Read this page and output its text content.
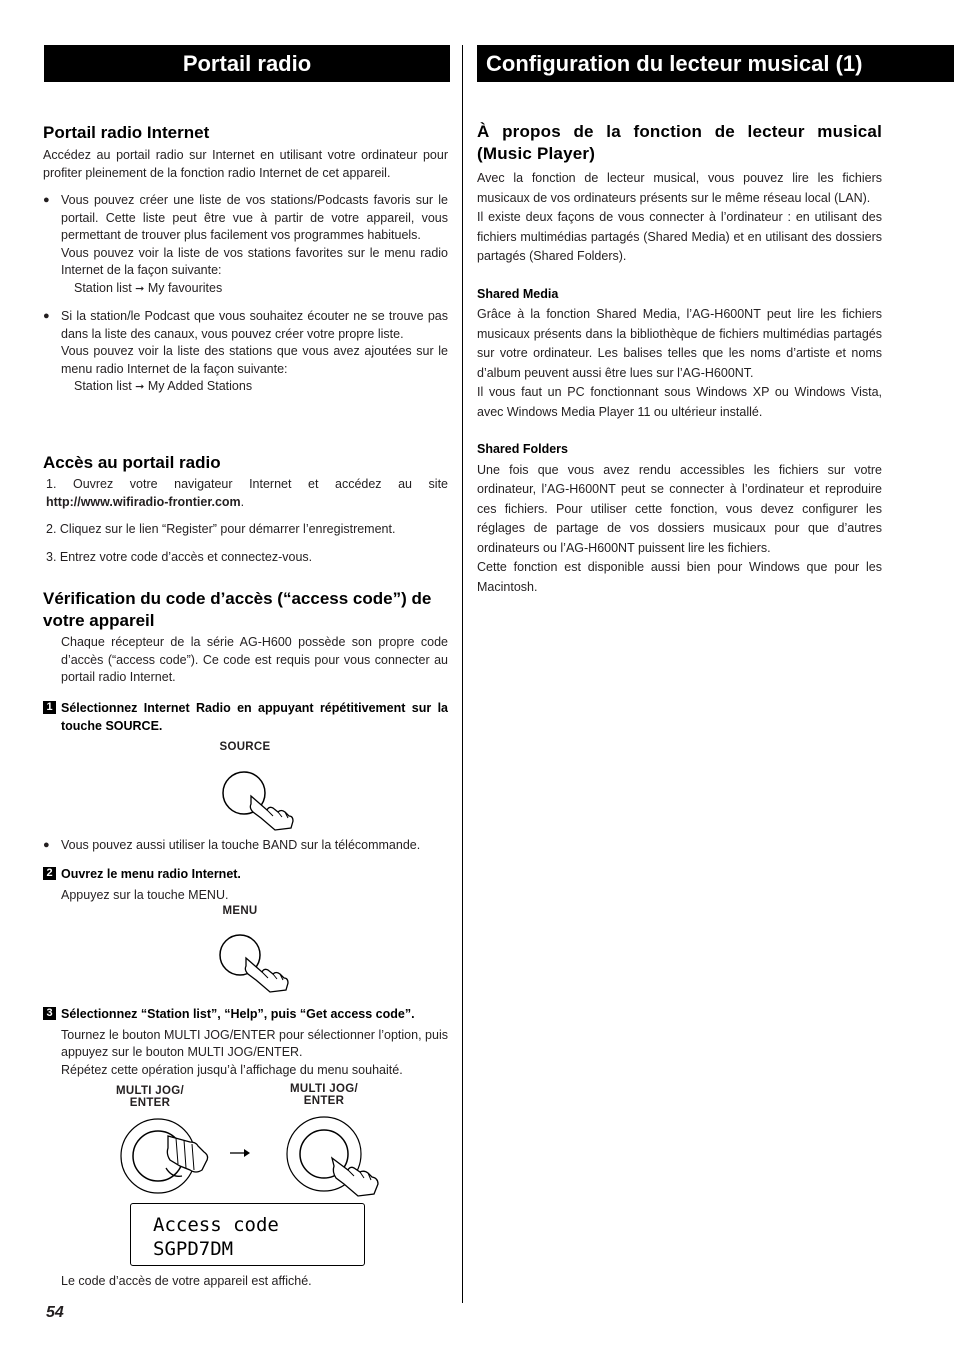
Portail radio	Configuration du lecteur musical (1)
Portail radio Internet

Accédez au portail radio sur Internet en utilisant votre ordinateur pour profiter pleinement de la fonction radio Internet de cet appareil.

● Vous pouvez créer une liste de vos stations/Podcasts favoris sur le portail. Cette liste peut être vue à partir de votre appareil, vous permettant de trouver plus facilement vos programmes habituels.

Vous pouvez voir la liste de vos stations favorites sur le menu radio Internet de la façon suivante:

Station list ➞ My favourites

● Si la station/le Podcast que vous souhaitez écouter ne se trouve pas dans la liste des canaux, vous pouvez créer votre propre liste.

Vous pouvez voir la liste des stations que vous avez ajoutées sur le menu radio Internet de la façon suivante:

Station list ➞ My Added Stations
Accès au portail radio

1. Ouvrez votre navigateur Internet et accédez au site http://www.wifiradio-frontier.com.

2. Cliquez sur le lien “Register” pour démarrer l’enregistrement.

3. Entrez votre code d’accès et connectez-vous.

Vérification du code d’accès (“access code”) de votre appareil

Chaque récepteur de la série AG-H600 possède son propre code d’accès (“access code”). Ce code est requis pour vous connecter au portail radio Internet.

1 Sélectionnez Internet Radio en appuyant répétitivement sur la touche SOURCE.

SOURCE

● Vous pouvez aussi utiliser la touche BAND sur la télécommande.

2 Ouvrez le menu radio Internet.

Appuyez sur la touche MENU.

MENU
3 Sélectionnez “Station list”, “Help”, puis “Get access code”.

Tournez le bouton MULTI JOG/ENTER pour sélectionner l’option, puis appuyez sur le bouton MULTI JOG/ENTER.

Répétez cette opération jusqu’à l’affichage du menu souhaité.

MULTI JOG/
ENTER
MULTI JOG/
ENTER
Access code
SGPD7DM

Le code d’accès de votre appareil est affiché.

54
À propos de la fonction de lecteur musical (Music Player)

Avec la fonction de lecteur musical, vous pouvez lire les fichiers musicaux de vos ordinateurs présents sur le même réseau local (LAN).

Il existe deux façons de vous connecter à l’ordinateur : en utilisant des fichiers multimédias partagés (Shared Media) et en utilisant des dossiers partagés (Shared Folders).

Shared Media

Grâce à la fonction Shared Media, l’AG-H600NT peut lire les fichiers musicaux présents dans la bibliothèque de fichiers multimédias partagés sur votre ordinateur. Les balises telles que les noms d’artiste et noms d’album peuvent aussi être lues sur l’AG-H600NT.

Il vous faut un PC fonctionnant sous Windows XP ou Windows Vista, avec Windows Media Player 11 ou ultérieur installé.

Shared Folders

Une fois que vous avez rendu accessibles les fichiers sur votre ordinateur, l’AG-H600NT peut se connecter à l’ordinateur et reproduire ces fichiers. Pour utiliser cette fonction, vous devez configurer les réglages de partage de vos dossiers musicaux pour que d’autres ordinateurs ou l’AG-H600NT puissent lire les fichiers.

Cette fonction est disponible aussi bien pour Windows que pour les Macintosh.
